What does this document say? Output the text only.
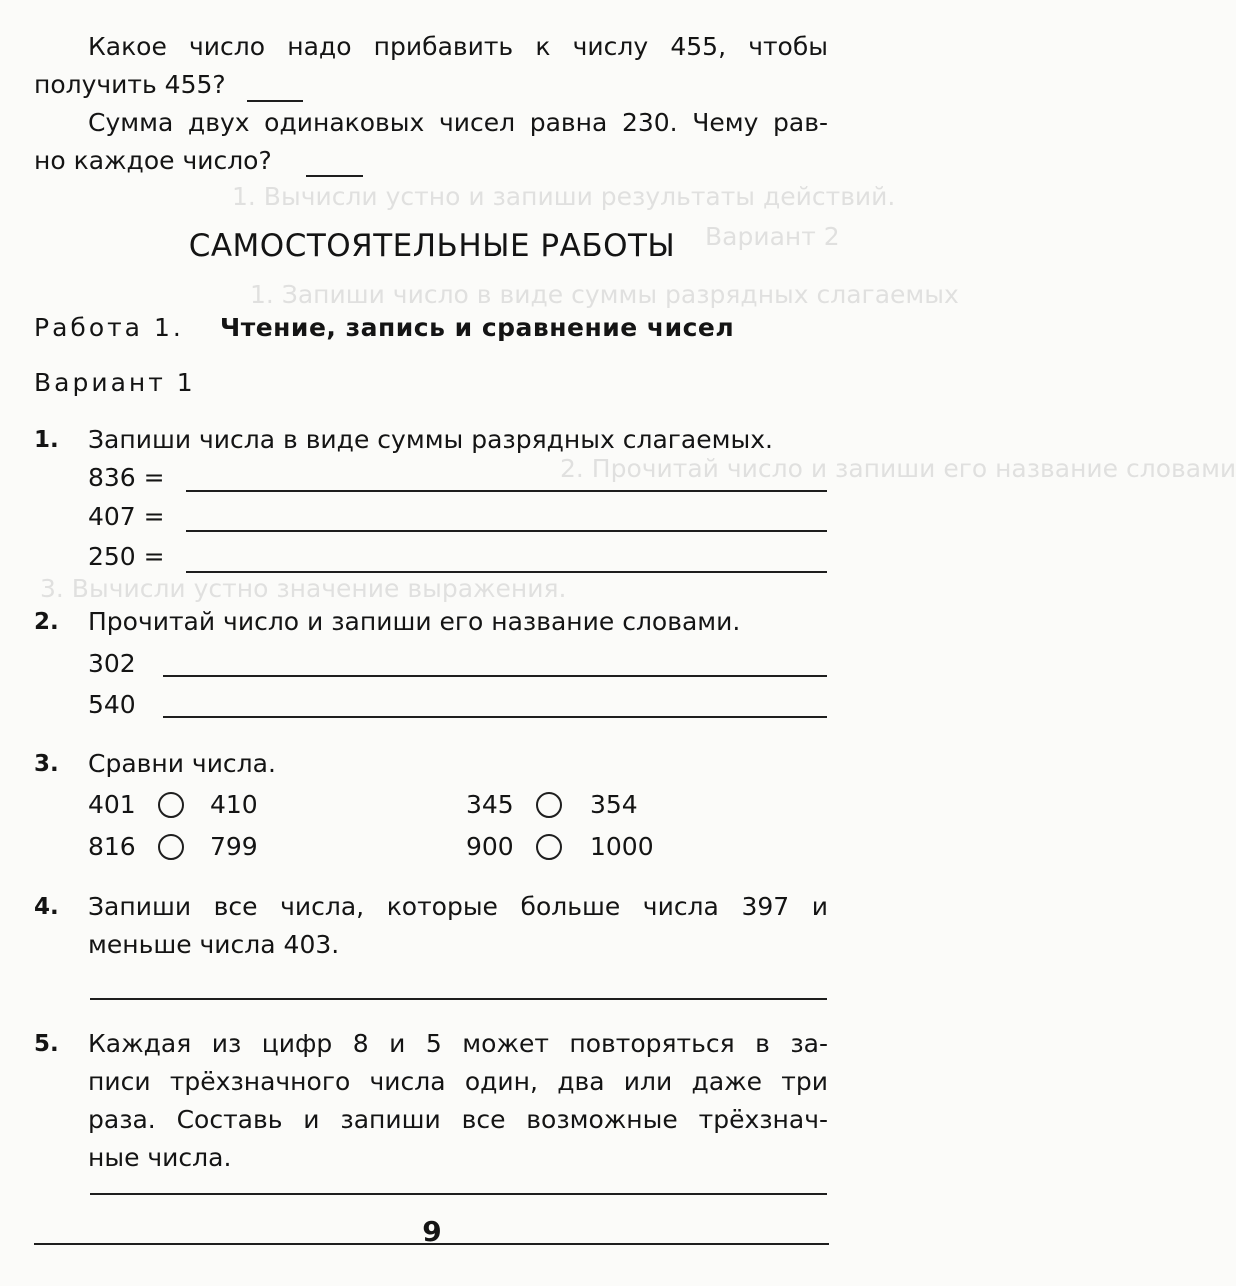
1. Вычисли устно и запиши результаты действий.
Вариант 2
1. Запиши число в виде суммы разрядных слагаемых
2. Прочитай число и запиши его название словами
3. Вычисли устно значение выражения.
Какое число надо прибавить к числу 455, чтобы
получить 455?
Сумма двух одинаковых чисел равна 230. Чему рав-
но каждое число?
САМОСТОЯТЕЛЬНЫЕ РАБОТЫ
Работа 1. Чтение, запись и сравнение чисел
Вариант 1
1. Запиши числа в виде суммы разрядных слагаемых.
836 =
407 =
250 =
2. Прочитай число и запиши его название словами.
302
540
3. Сравни числа.
401	410	345	354
816	799	900	1000
4. Запиши все числа, которые больше числа 397 и
меньше числа 403.
5. Каждая из цифр 8 и 5 может повторяться в за-
писи трёхзначного числа один, два или даже три
раза. Составь и запиши все возможные трёхзнач-
ные числа.
9
